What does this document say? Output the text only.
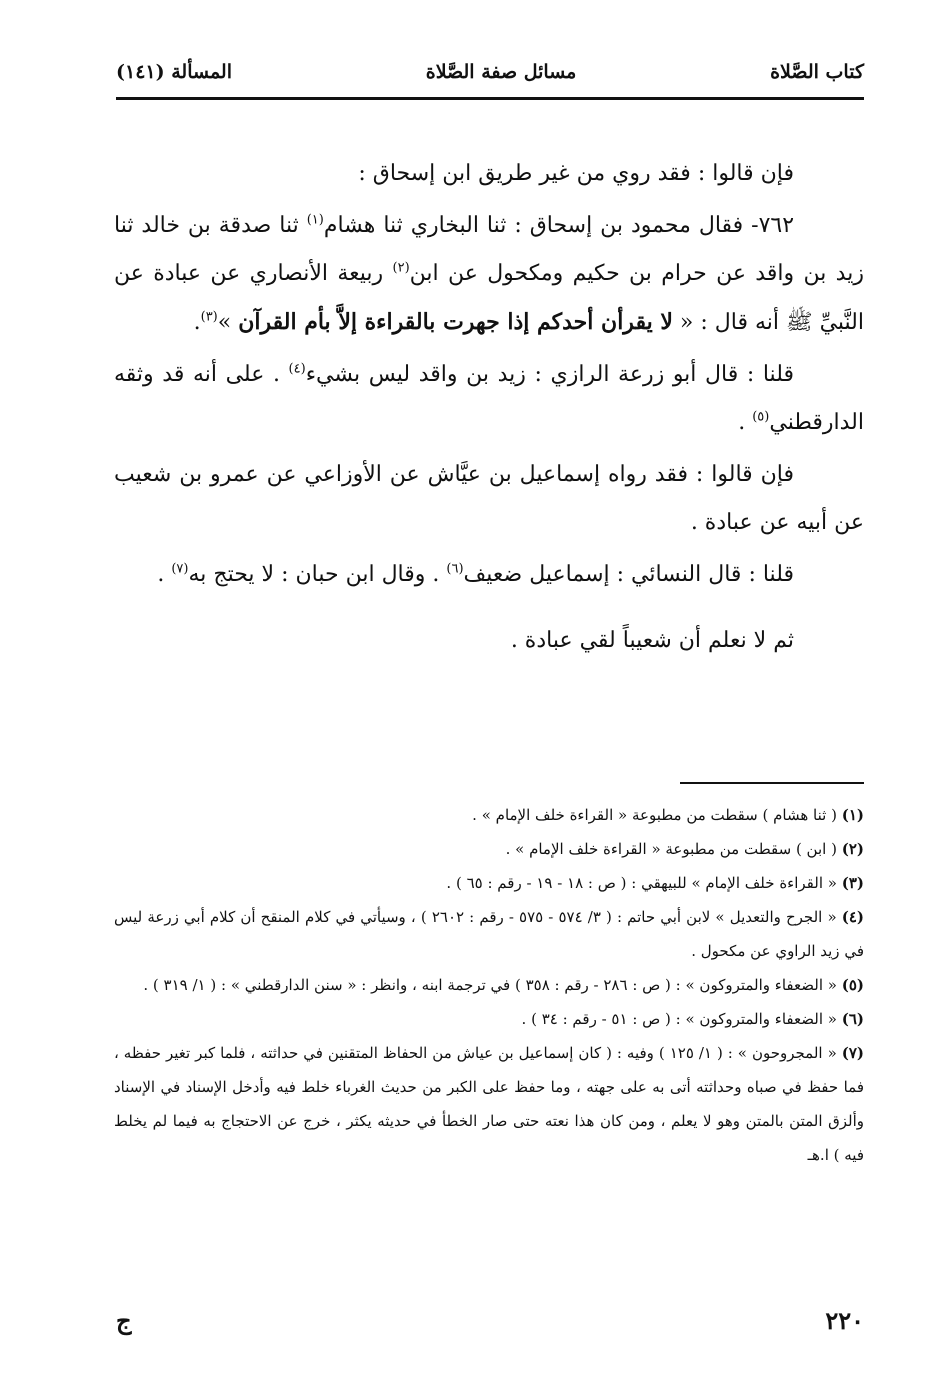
كتاب الصَّلاة
مسائل صفة الصَّلاة
المسألة (١٤١)

فإن قالوا : فقد روي من غير طريق ابن إسحاق :

٧٦٢- فقال محمود بن إسحاق : ثنا البخاري ثنا هشام$^{(١)}$ ثنا صدقة بن خالد ثنا زيد بن واقد عن حرام بن حكيم ومكحول عن ابن$^{(٢)}$ ربيعة الأنصاري عن عبادة عن النَّبيِّ ﷺ أنه قال : « لا يقرأن أحدكم إذا جهرت بالقراءة إلاَّ بأم القرآن »$^{(٣)}$.

قلنا : قال أبو زرعة الرازي : زيد بن واقد ليس بشيء$^{(٤)}$ . على أنه قد وثقه الدارقطني$^{(٥)}$ .

فإن قالوا : فقد رواه إسماعيل بن عيَّاش عن الأوزاعي عن عمرو بن شعيب عن أبيه عن عبادة .

قلنا : قال النسائي : إسماعيل ضعيف$^{(٦)}$ . وقال ابن حبان : لا يحتج به$^{(٧)}$ .

ثم لا نعلم أن شعيباً لقي عبادة .

(١) ( ثنا هشام ) سقطت من مطبوعة « القراءة خلف الإمام » .

(٢) ( ابن ) سقطت من مطبوعة « القراءة خلف الإمام » .

(٣) « القراءة خلف الإمام » للبيهقي : ( ص : ١٨ - ١٩ - رقم : ٦٥ ) .

(٤) « الجرح والتعديل » لابن أبي حاتم : ( ٣/ ٥٧٤ - ٥٧٥ - رقم : ٢٦٠٢ ) ، وسيأتي في كلام المنقح أن كلام أبي زرعة ليس في زيد الراوي عن مكحول .

(٥) « الضعفاء والمتروكون » : ( ص : ٢٨٦ - رقم : ٣٥٨ ) في ترجمة ابنه ، وانظر : « سنن الدارقطني » : ( ١/ ٣١٩ ) .

(٦) « الضعفاء والمتروكون » : ( ص : ٥١ - رقم : ٣٤ ) .

(٧) « المجروحون » : ( ١/ ١٢٥ ) وفيه : ( كان إسماعيل بن عياش من الحفاظ المتقنين في حداثته ، فلما كبر تغير حفظه ، فما حفظ في صباه وحداثته أتى به على جهته ، وما حفظ على الكبر من حديث الغرباء خلط فيه وأدخل الإسناد في الإسناد وألزق المتن بالمتن وهو لا يعلم ، ومن كان هذا نعته حتى صار الخطأ في حديثه يكثر ، خرج عن الاحتجاج به فيما لم يخلط فيه ) ا.هـ

ج	٢٢٠
